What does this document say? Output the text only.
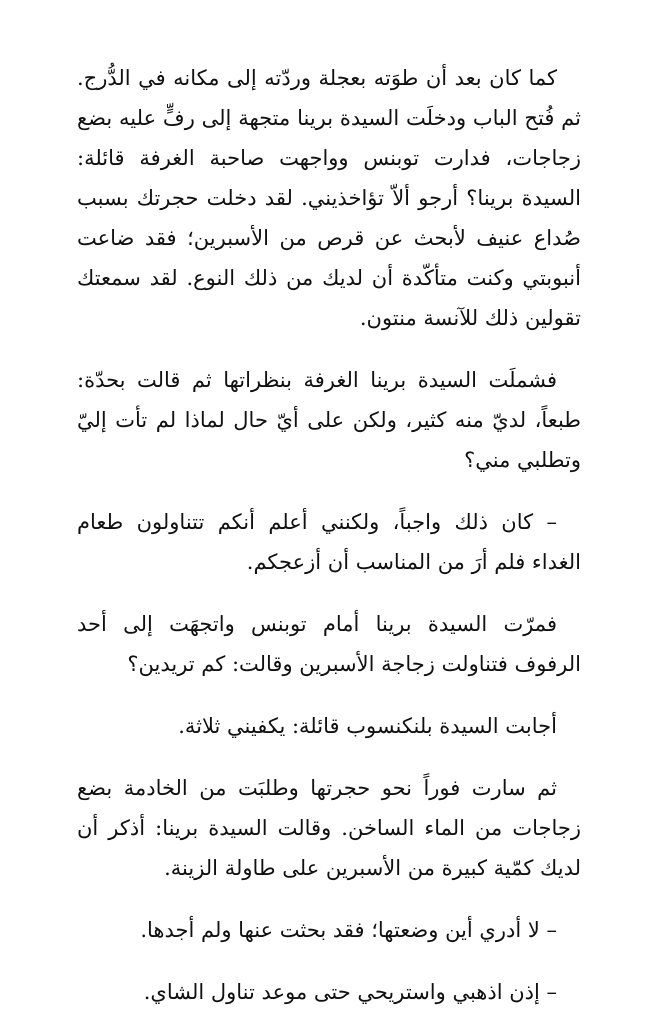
كما كان بعد أن طوَته بعجلة وردّته إلى مكانه في الدُّرج. ثم فُتح الباب ودخلَت السيدة برينا متجهة إلى رفٍّ عليه بضع زجاجات، فدارت توبنس وواجهت صاحبة الغرفة قائلة: السيدة برينا؟ أرجو ألاّ تؤاخذيني. لقد دخلت حجرتك بسبب صُداع عنيف لأبحث عن قرص من الأسبرين؛ فقد ضاعت أنبوبتي وكنت متأكّدة أن لديك من ذلك النوع. لقد سمعتك تقولين ذلك للآنسة منتون.

فشملَت السيدة برينا الغرفة بنظراتها ثم قالت بحدّة: طبعاً، لديّ منه كثير، ولكن على أيّ حال لماذا لم تأت إليّ وتطلبي مني؟

– كان ذلك واجباً، ولكنني أعلم أنكم تتناولون طعام الغداء فلم أرَ من المناسب أن أزعجكم.

فمرّت السيدة برينا أمام توبنس واتجهَت إلى أحد الرفوف فتناولت زجاجة الأسبرين وقالت: كم تريدين؟

أجابت السيدة بلنكنسوب قائلة: يكفيني ثلاثة.

ثم سارت فوراً نحو حجرتها وطلبَت من الخادمة بضع زجاجات من الماء الساخن. وقالت السيدة برينا: أذكر أن لديك كمّية كبيرة من الأسبرين على طاولة الزينة.

– لا أدري أين وضعتها؛ فقد بحثت عنها ولم أجدها.

– إذن اذهبي واستريحي حتى موعد تناول الشاي.
